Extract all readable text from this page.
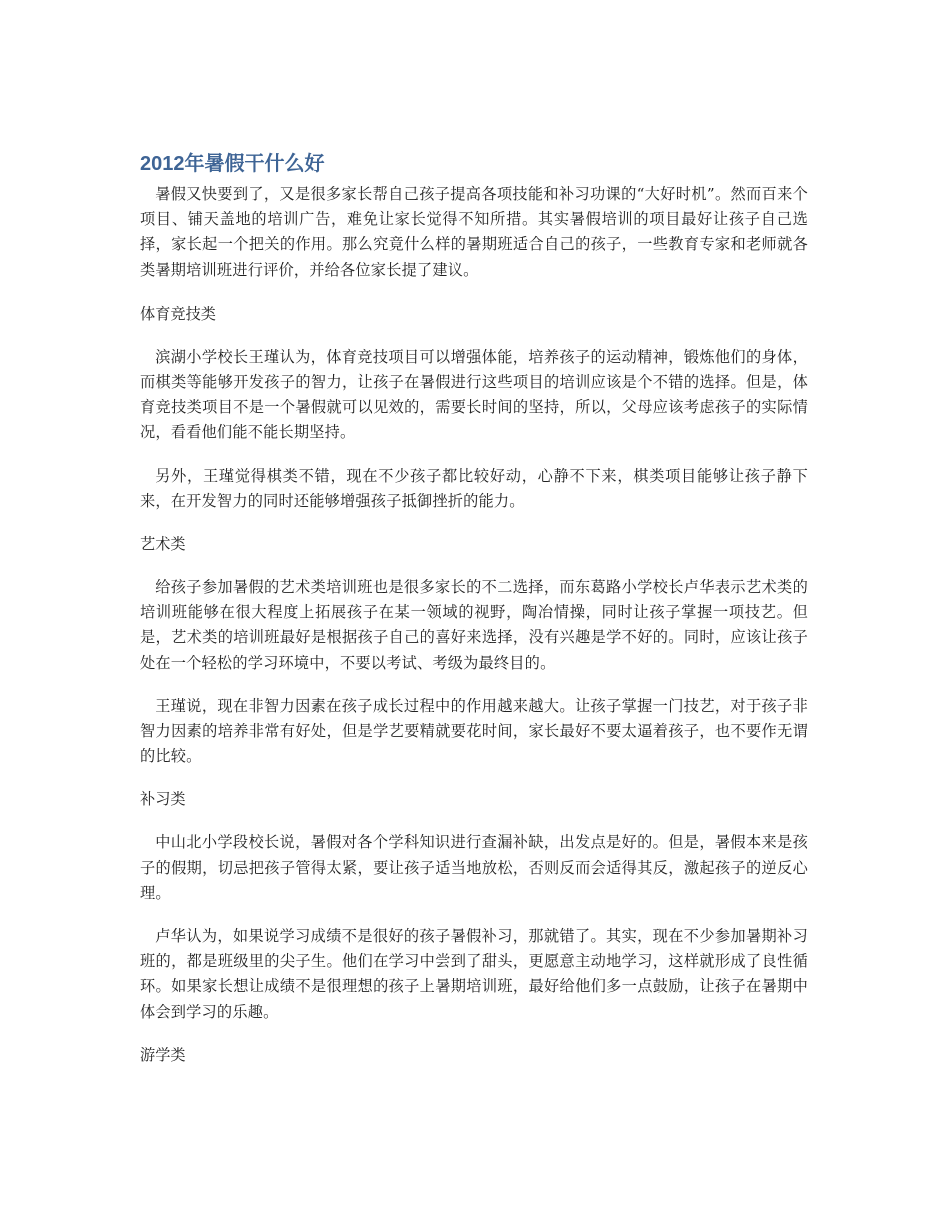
2012年暑假干什么好

暑假又快要到了，又是很多家长帮自己孩子提高各项技能和补习功课的“大好时机”。然而百来个项目、铺天盖地的培训广告，难免让家长觉得不知所措。其实暑假培训的项目最好让孩子自己选择，家长起一个把关的作用。那么究竟什么样的暑期班适合自己的孩子，一些教育专家和老师就各类暑期培训班进行评价，并给各位家长提了建议。

体育竞技类

滨湖小学校长王瑾认为，体育竞技项目可以增强体能，培养孩子的运动精神，锻炼他们的身体，而棋类等能够开发孩子的智力，让孩子在暑假进行这些项目的培训应该是个不错的选择。但是，体育竞技类项目不是一个暑假就可以见效的，需要长时间的坚持，所以，父母应该考虑孩子的实际情况，看看他们能不能长期坚持。

另外，王瑾觉得棋类不错，现在不少孩子都比较好动，心静不下来，棋类项目能够让孩子静下来，在开发智力的同时还能够增强孩子抵御挫折的能力。

艺术类

给孩子参加暑假的艺术类培训班也是很多家长的不二选择，而东葛路小学校长卢华表示艺术类的培训班能够在很大程度上拓展孩子在某一领域的视野，陶冶情操，同时让孩子掌握一项技艺。但是，艺术类的培训班最好是根据孩子自己的喜好来选择，没有兴趣是学不好的。同时，应该让孩子处在一个轻松的学习环境中，不要以考试、考级为最终目的。

王瑾说，现在非智力因素在孩子成长过程中的作用越来越大。让孩子掌握一门技艺，对于孩子非智力因素的培养非常有好处，但是学艺要精就要花时间，家长最好不要太逼着孩子，也不要作无谓的比较。

补习类

中山北小学段校长说，暑假对各个学科知识进行查漏补缺，出发点是好的。但是，暑假本来是孩子的假期，切忌把孩子管得太紧，要让孩子适当地放松，否则反而会适得其反，激起孩子的逆反心理。

卢华认为，如果说学习成绩不是很好的孩子暑假补习，那就错了。其实，现在不少参加暑期补习班的，都是班级里的尖子生。他们在学习中尝到了甜头，更愿意主动地学习，这样就形成了良性循环。如果家长想让成绩不是很理想的孩子上暑期培训班，最好给他们多一点鼓励，让孩子在暑期中体会到学习的乐趣。

游学类
